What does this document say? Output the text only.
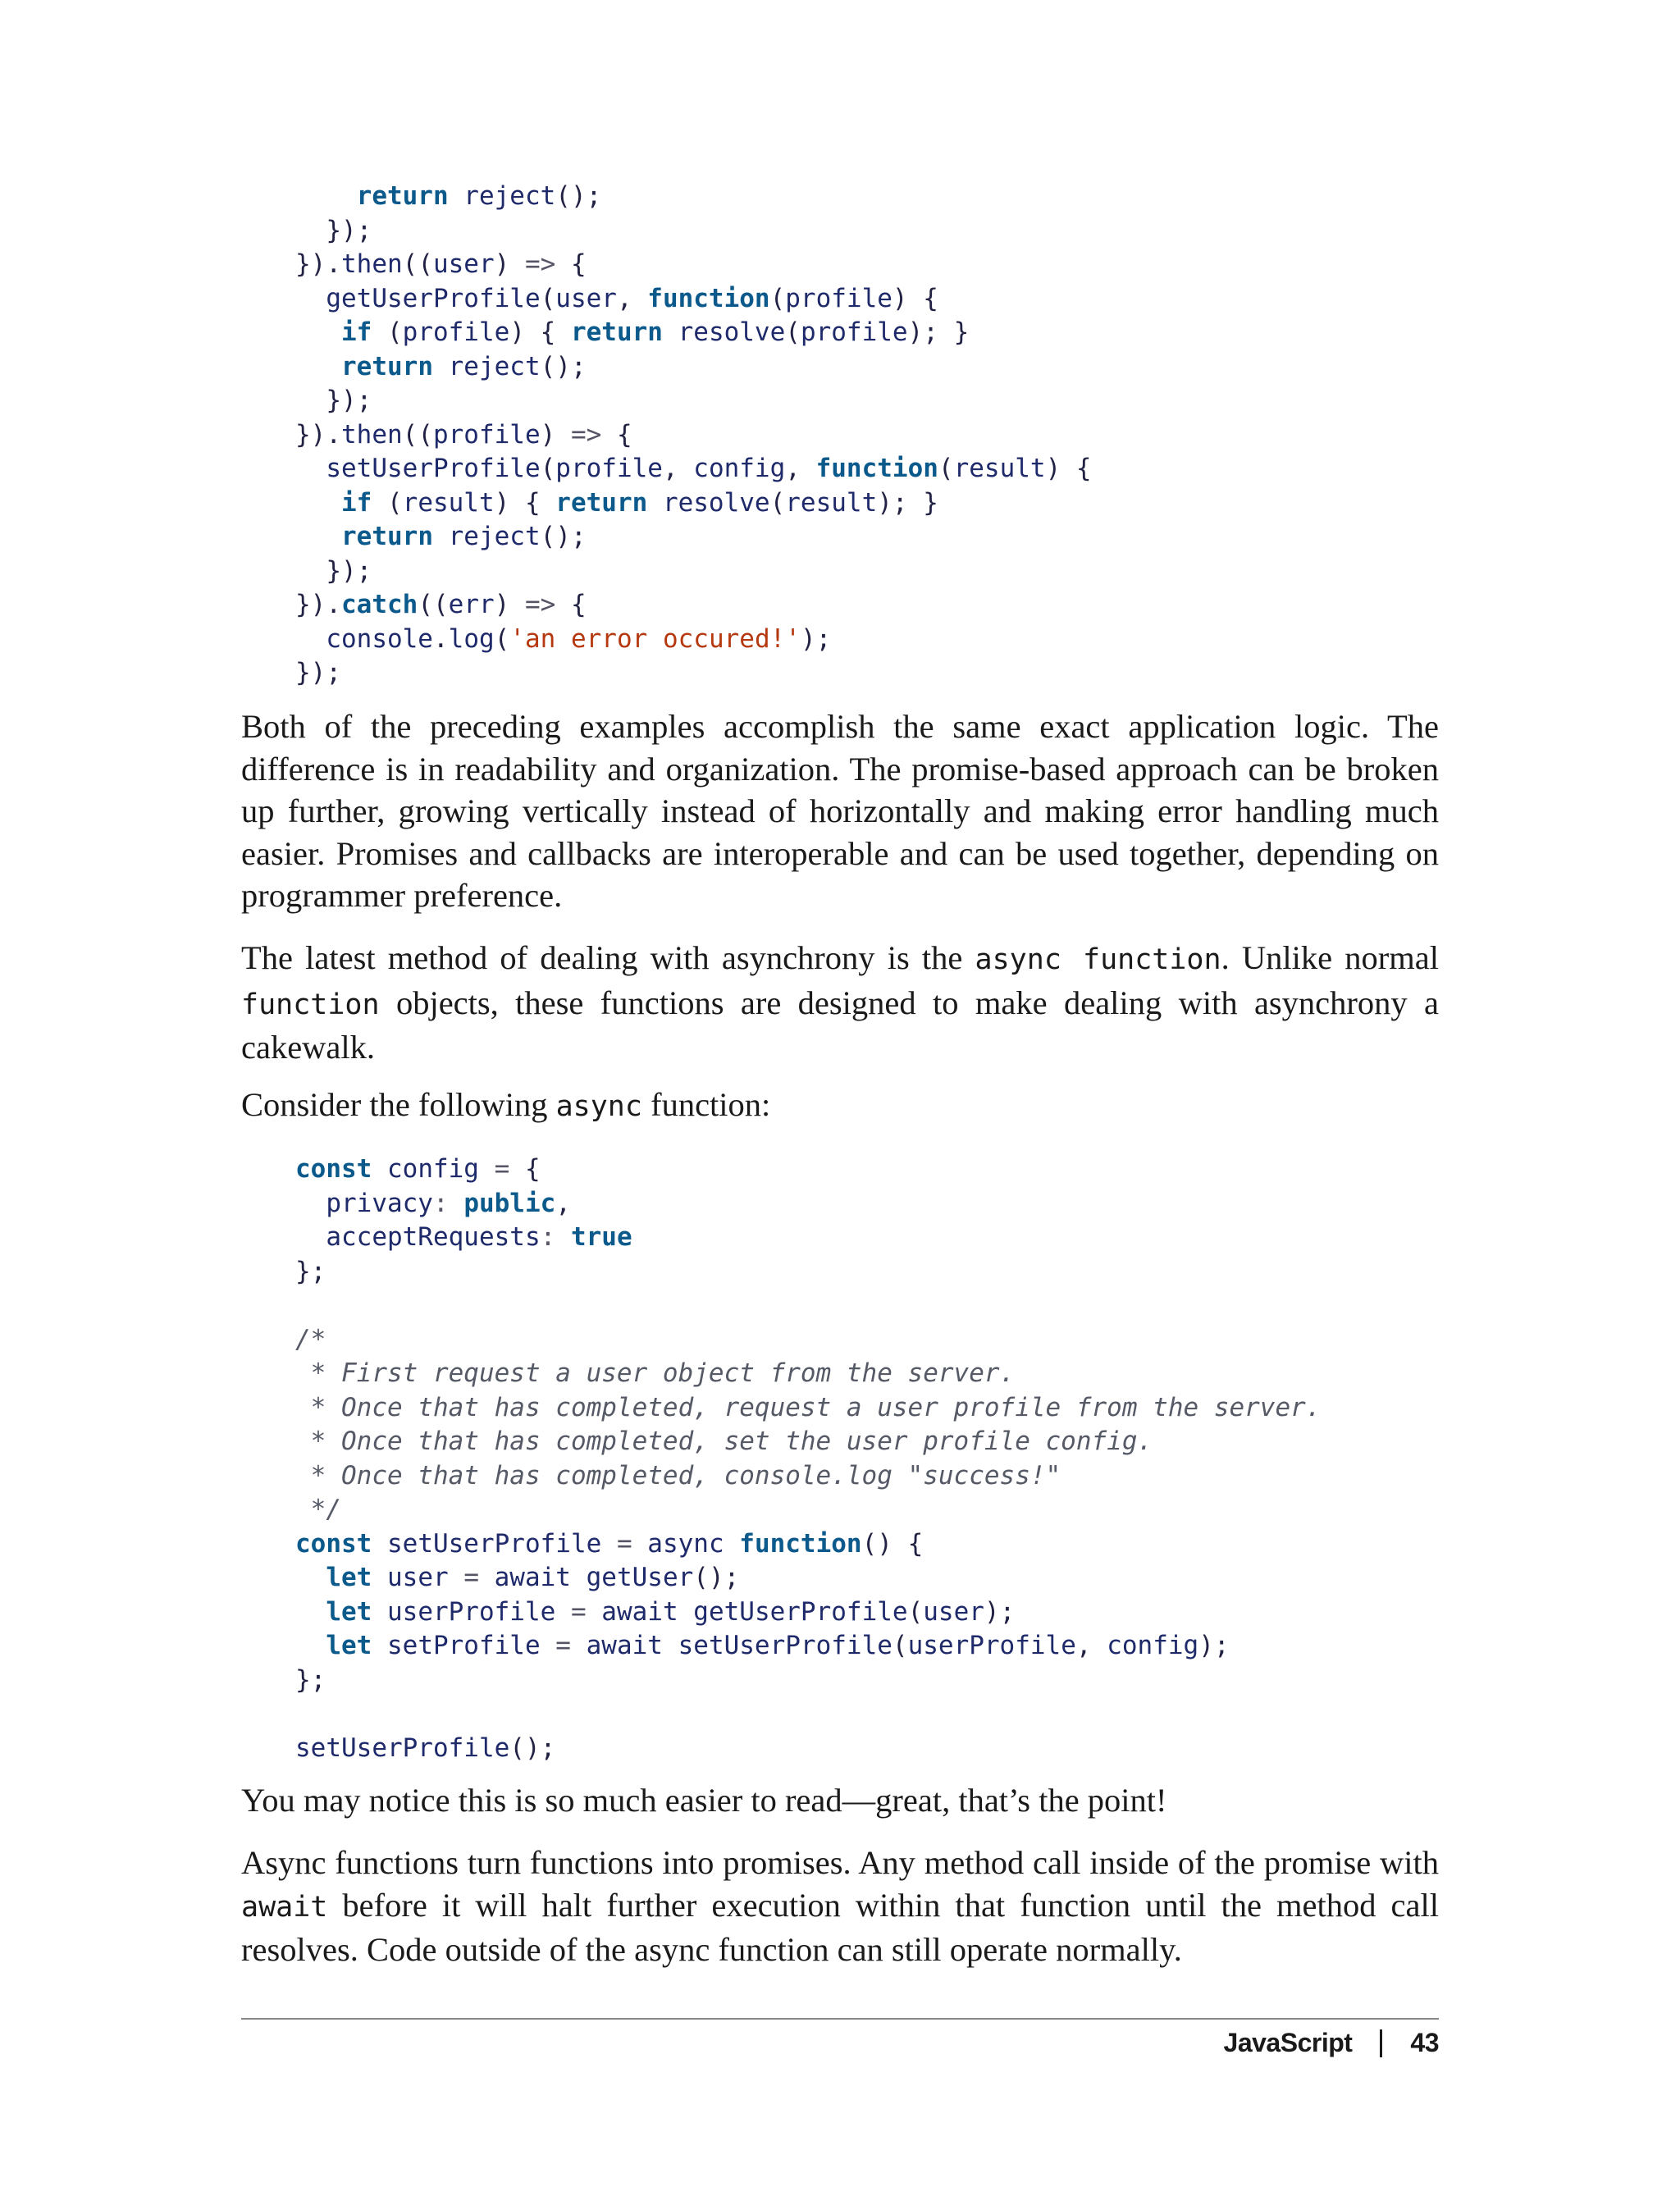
return reject();
});
}).then((user) => {
getUserProfile(user, function(profile) {
if (profile) { return resolve(profile); }
return reject();
});
}).then((profile) => {
setUserProfile(profile, config, function(result) {
if (result) { return resolve(result); }
return reject();
});
}).catch((err) => {
console.log('an error occured!');
});

Both of the preceding examples accomplish the same exact application logic. The difference is in readability and organization. The promise-based approach can be broken up further, growing vertically instead of horizontally and making error handling much easier. Promises and callbacks are interoperable and can be used together, depending on programmer preference.

The latest method of dealing with asynchrony is the async function. Unlike normal function objects, these functions are designed to make dealing with asynchrony a cakewalk.

Consider the following async function:

const config = {
privacy: public,
acceptRequests: true
};
/*
* First request a user object from the server.
* Once that has completed, request a user profile from the server.
* Once that has completed, set the user profile config.
* Once that has completed, console.log "success!"
*/
const setUserProfile = async function() {
let user = await getUser();
let userProfile = await getUserProfile(user);
let setProfile = await setUserProfile(userProfile, config);
};
setUserProfile();

You may notice this is so much easier to read—great, that’s the point!

Async functions turn functions into promises. Any method call inside of the promise with await before it will halt further execution within that function until the method call resolves. Code outside of the async function can still operate normally.

JavaScript 43
